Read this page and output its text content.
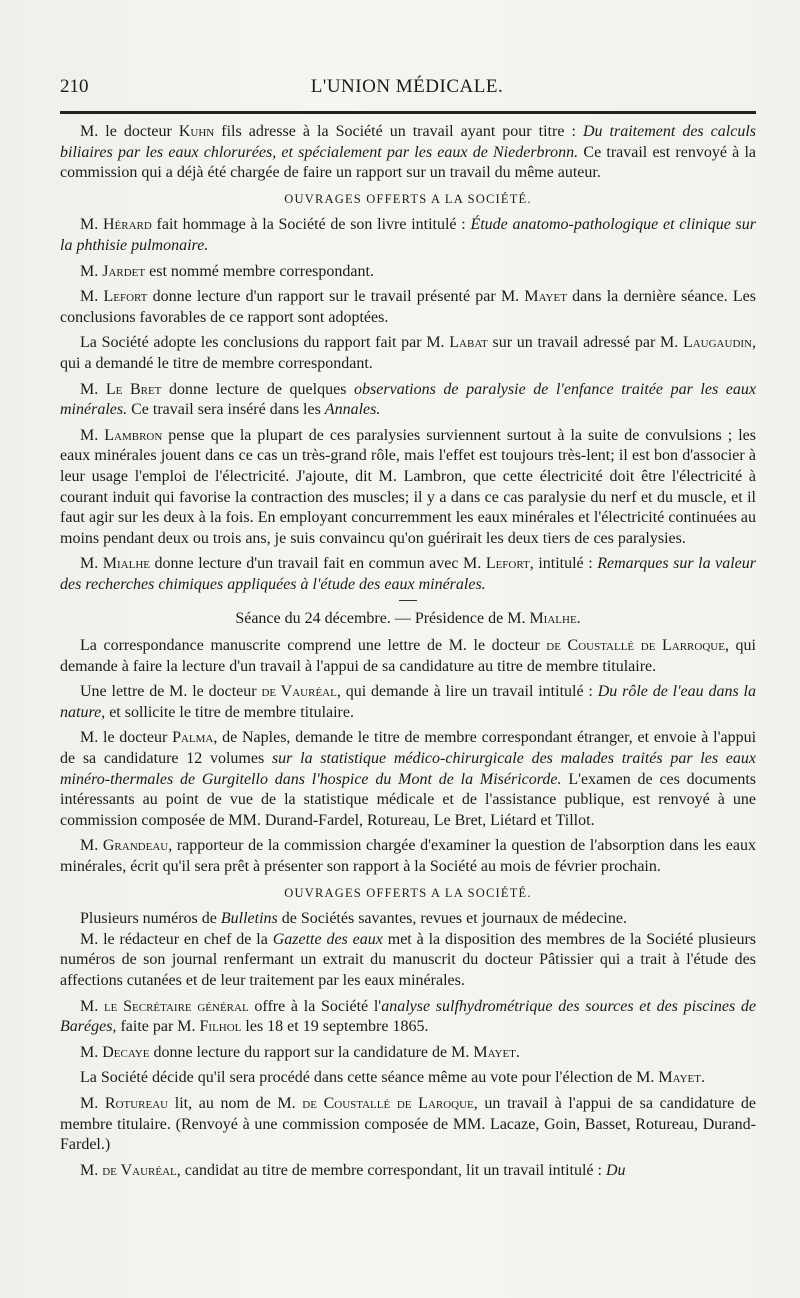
210	L'UNION MÉDICALE.

M. le docteur Kuhn fils adresse à la Société un travail ayant pour titre : Du traitement des calculs biliaires par les eaux chlorurées, et spécialement par les eaux de Niederbronn. Ce travail est renvoyé à la commission qui a déjà été chargée de faire un rapport sur un travail du même auteur.

OUVRAGES OFFERTS A LA SOCIÉTÉ.

M. Hérard fait hommage à la Société de son livre intitulé : Étude anatomo-pathologique et clinique sur la phthisie pulmonaire.

M. Jardet est nommé membre correspondant.

M. Lefort donne lecture d'un rapport sur le travail présenté par M. Mayet dans la dernière séance. Les conclusions favorables de ce rapport sont adoptées.

La Société adopte les conclusions du rapport fait par M. Labat sur un travail adressé par M. Laugaudin, qui a demandé le titre de membre correspondant.

M. Le Bret donne lecture de quelques observations de paralysie de l'enfance traitée par les eaux minérales. Ce travail sera inséré dans les Annales.

M. Lambron pense que la plupart de ces paralysies surviennent surtout à la suite de convulsions ; les eaux minérales jouent dans ce cas un très-grand rôle, mais l'effet est toujours très-lent; il est bon d'associer à leur usage l'emploi de l'électricité. J'ajoute, dit M. Lambron, que cette électricité doit être l'électricité à courant induit qui favorise la contraction des muscles; il y a dans ce cas paralysie du nerf et du muscle, et il faut agir sur les deux à la fois. En employant concurremment les eaux minérales et l'électricité continuées au moins pendant deux ou trois ans, je suis convaincu qu'on guérirait les deux tiers de ces paralysies.

M. Mialhe donne lecture d'un travail fait en commun avec M. Lefort, intitulé : Remarques sur la valeur des recherches chimiques appliquées à l'étude des eaux minérales.

Séance du 24 décembre. — Présidence de M. Mialhe.

La correspondance manuscrite comprend une lettre de M. le docteur de Coustallé de Larroque, qui demande à faire la lecture d'un travail à l'appui de sa candidature au titre de membre titulaire.

Une lettre de M. le docteur de Vauréal, qui demande à lire un travail intitulé : Du rôle de l'eau dans la nature, et sollicite le titre de membre titulaire.

M. le docteur Palma, de Naples, demande le titre de membre correspondant étranger, et envoie à l'appui de sa candidature 12 volumes sur la statistique médico-chirurgicale des malades traités par les eaux minéro-thermales de Gurgitello dans l'hospice du Mont de la Miséricorde. L'examen de ces documents intéressants au point de vue de la statistique médicale et de l'assistance publique, est renvoyé à une commission composée de MM. Durand-Fardel, Rotureau, Le Bret, Liétard et Tillot.

M. Grandeau, rapporteur de la commission chargée d'examiner la question de l'absorption dans les eaux minérales, écrit qu'il sera prêt à présenter son rapport à la Société au mois de février prochain.

OUVRAGES OFFERTS A LA SOCIÉTÉ.

Plusieurs numéros de Bulletins de Sociétés savantes, revues et journaux de médecine.

M. le rédacteur en chef de la Gazette des eaux met à la disposition des membres de la Société plusieurs numéros de son journal renfermant un extrait du manuscrit du docteur Pâtissier qui a trait à l'étude des affections cutanées et de leur traitement par les eaux minérales.

M. le Secrétaire général offre à la Société l'analyse sulfhydrométrique des sources et des piscines de Baréges, faite par M. Filhol les 18 et 19 septembre 1865.

M. Decaye donne lecture du rapport sur la candidature de M. Mayet.

La Société décide qu'il sera procédé dans cette séance même au vote pour l'élection de M. Mayet.

M. Rotureau lit, au nom de M. de Coustallé de Laroque, un travail à l'appui de sa candidature de membre titulaire. (Renvoyé à une commission composée de MM. Lacaze, Goin, Basset, Rotureau, Durand-Fardel.)

M. de Vauréal, candidat au titre de membre correspondant, lit un travail intitulé : Du
